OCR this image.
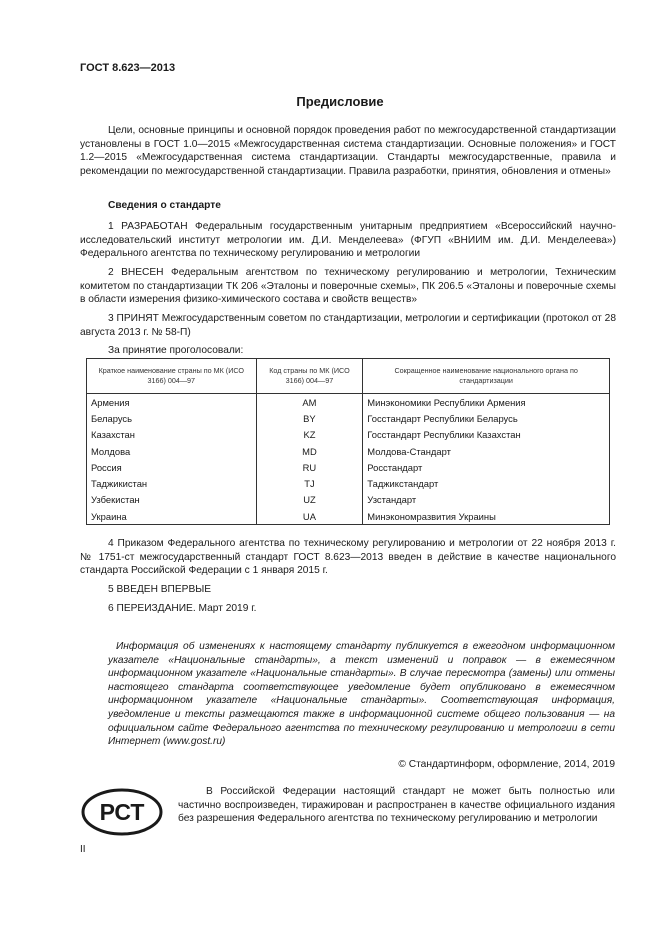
ГОСТ 8.623—2013
Предисловие

Цели, основные принципы и основной порядок проведения работ по межгосударственной стандартизации установлены в ГОСТ 1.0—2015 «Межгосударственная система стандартизации. Основные положения» и ГОСТ 1.2—2015 «Межгосударственная система стандартизации. Стандарты межгосударственные, правила и рекомендации по межгосударственной стандартизации. Правила разработки, принятия, обновления и отмены»

Сведения о стандарте

1 РАЗРАБОТАН Федеральным государственным унитарным предприятием «Всероссийский научно-исследовательский институт метрологии им. Д.И. Менделеева» (ФГУП «ВНИИМ им. Д.И. Менделеева») Федерального агентства по техническому регулированию и метрологии

2 ВНЕСЕН Федеральным агентством по техническому регулированию и метрологии, Техническим комитетом по стандартизации ТК 206 «Эталоны и поверочные схемы», ПК 206.5 «Эталоны и поверочные схемы в области измерения физико-химического состава и свойств веществ»

3 ПРИНЯТ Межгосударственным советом по стандартизации, метрологии и сертификации (протокол от 28 августа 2013 г. № 58-П)

За принятие проголосовали:
Краткое наименование страны по МК (ИСО 3166) 004—97	Код страны по МК (ИСО 3166) 004—97	Сокращенное наименование национального органа по стандартизации
Армения	AM	Минэкономики Республики Армения
Беларусь	BY	Госстандарт Республики Беларусь
Казахстан	KZ	Госстандарт Республики Казахстан
Молдова	MD	Молдова-Стандарт
Россия	RU	Росстандарт
Таджикистан	TJ	Таджикстандарт
Узбекистан	UZ	Узстандарт
Украина	UA	Минэкономразвития Украины

4 Приказом Федерального агентства по техническому регулированию и метрологии от 22 ноября 2013 г. № 1751-ст межгосударственный стандарт ГОСТ 8.623—2013 введен в действие в качестве национального стандарта Российской Федерации с 1 января 2015 г.

5 ВВЕДЕН ВПЕРВЫЕ
6 ПЕРЕИЗДАНИЕ. Март 2019 г.

Информация об изменениях к настоящему стандарту публикуется в ежегодном информационном указателе «Национальные стандарты», а текст изменений и поправок — в ежемесячном информационном указателе «Национальные стандарты». В случае пересмотра (замены) или отмены настоящего стандарта соответствующее уведомление будет опубликовано в ежемесячном информационном указателе «Национальные стандарты». Соответствующая информация, уведомление и тексты размещаются также в информационной системе общего пользования — на официальном сайте Федерального агентства по техническому регулированию и метрологии в сети Интернет (www.gost.ru)

© Стандартинформ, оформление, 2014, 2019
РСТ

В Российской Федерации настоящий стандарт не может быть полностью или частично воспроизведен, тиражирован и распространен в качестве официального издания без разрешения Федерального агентства по техническому регулированию и метрологии

II
